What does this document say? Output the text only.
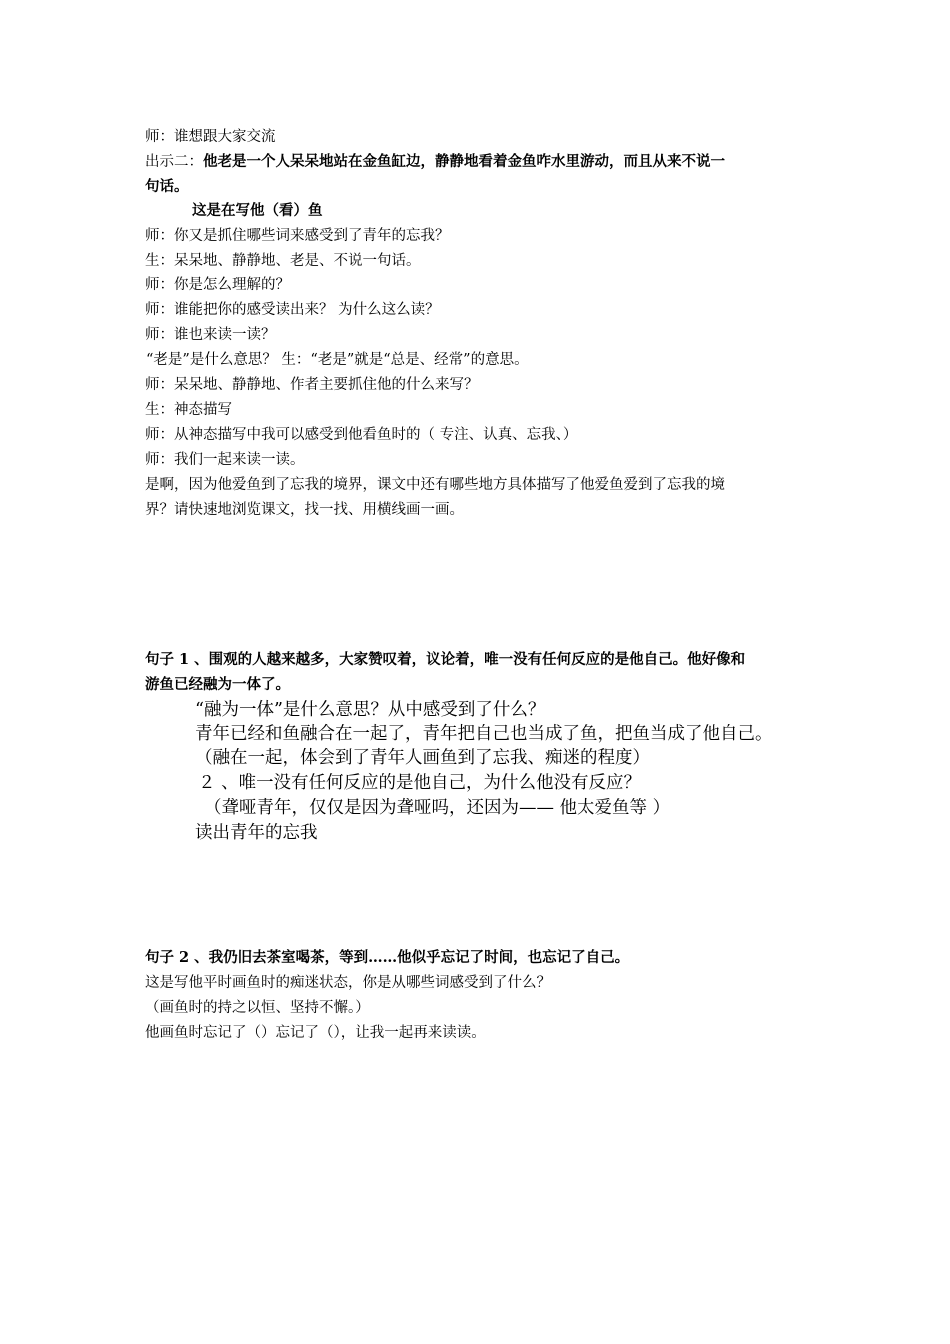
师：谁想跟大家交流
出示二：他老是一个人呆呆地站在金鱼缸边，静静地看着金鱼咋水里游动，而且从来不说一
句话。
这是在写他（看）鱼
师：你又是抓住哪些词来感受到了青年的忘我？
生：呆呆地、静静地、老是、不说一句话。
师：你是怎么理解的？
师：谁能把你的感受读出来？ 为什么这么读？
师：谁也来读一读？
“老是”是什么意思？ 生：“老是”就是“总是、经常”的意思。
师：呆呆地、静静地、作者主要抓住他的什么来写？
生：神态描写
师：从神态描写中我可以感受到他看鱼时的（ 专注、认真、忘我、）
师：我们一起来读一读。
是啊，因为他爱鱼到了忘我的境界，课文中还有哪些地方具体描写了他爱鱼爱到了忘我的境
界？请快速地浏览课文，找一找、用横线画一画。
句子 1 、围观的人越来越多，大家赞叹着，议论着，唯一没有任何反应的是他自己。他好像和
游鱼已经融为一体了。
“融为一体”是什么意思？从中感受到了什么？
青年已经和鱼融合在一起了，青年把自己也当成了鱼，把鱼当成了他自己。
（融在一起，体会到了青年人画鱼到了忘我、痴迷的程度）
２ 、唯一没有任何反应的是他自己，为什么他没有反应？
（聋哑青年，仅仅是因为聋哑吗，还因为—— 他太爱鱼等 ）
读出青年的忘我
句子 2 、我仍旧去茶室喝茶，等到……他似乎忘记了时间，也忘记了自己。
这是写他平时画鱼时的痴迷状态，你是从哪些词感受到了什么？
（画鱼时的持之以恒、坚持不懈。）
他画鱼时忘记了（）忘记了（），让我一起再来读读。
